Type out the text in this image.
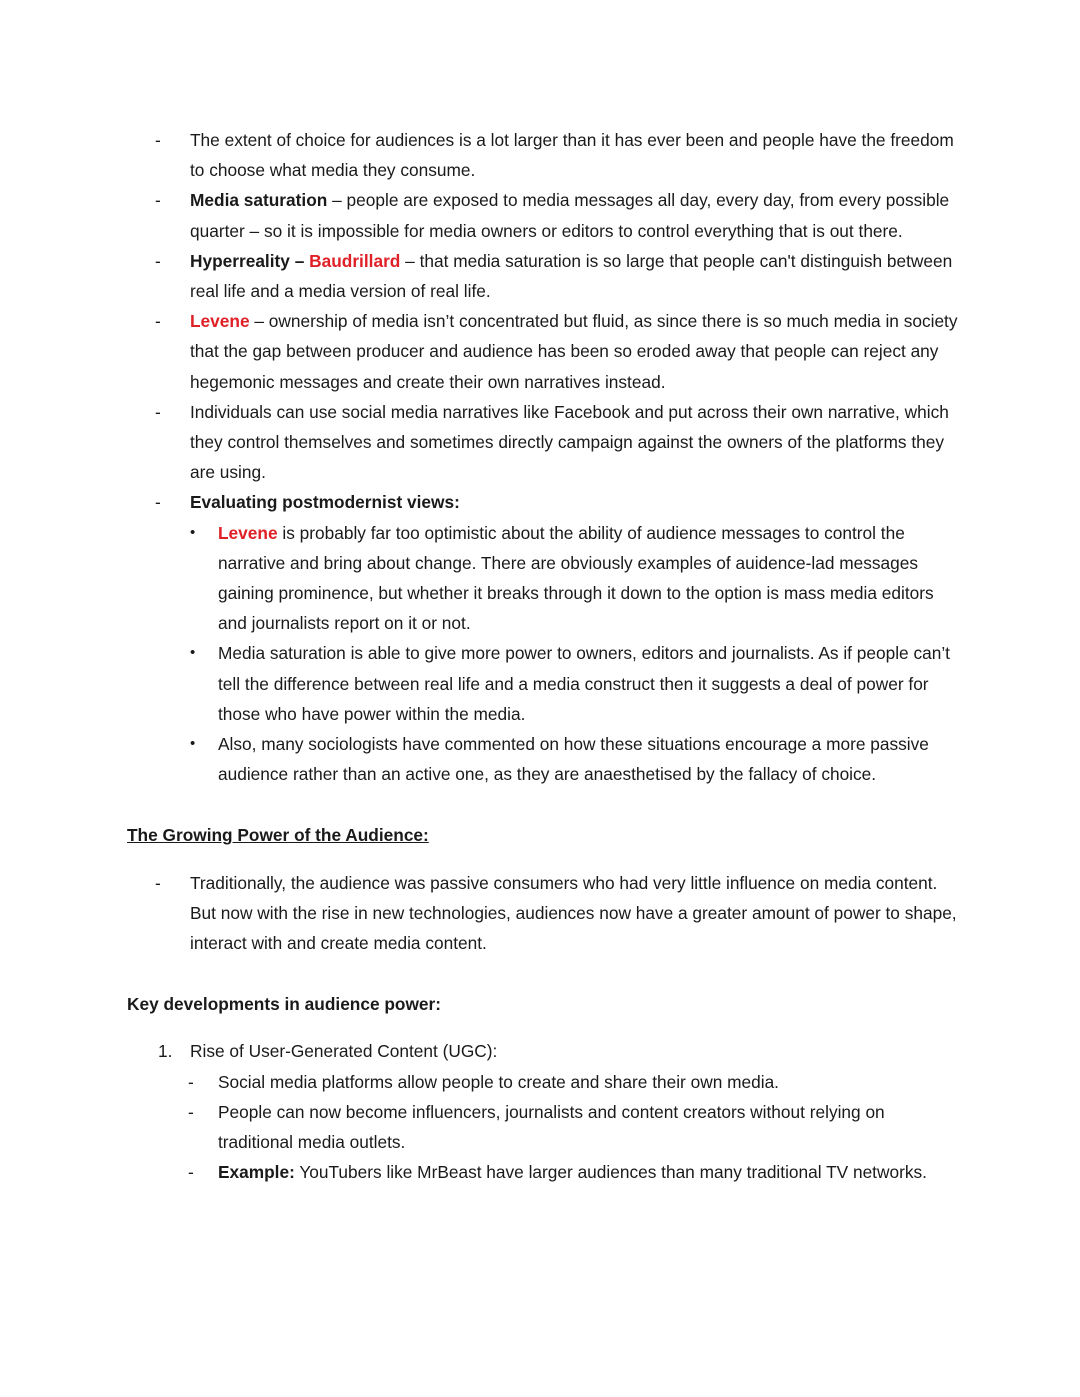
-	The extent of choice for audiences is a lot larger than it has ever been and people have the freedom to choose what media they consume.
-	Media saturation – people are exposed to media messages all day, every day, from every possible quarter – so it is impossible for media owners or editors to control everything that is out there.
-	Hyperreality – Baudrillard – that media saturation is so large that people can't distinguish between real life and a media version of real life.
-	Levene – ownership of media isn’t concentrated but fluid, as since there is so much media in society that the gap between producer and audience has been so eroded away that people can reject any hegemonic messages and create their own narratives instead.
-	Individuals can use social media narratives like Facebook and put across their own narrative, which they control themselves and sometimes directly campaign against the owners of the platforms they are using.
-	Evaluating postmodernist views:
•	Levene is probably far too optimistic about the ability of audience messages to control the narrative and bring about change. There are obviously examples of auidence-lad messages gaining prominence, but whether it breaks through it down to the option is mass media editors and journalists report on it or not.
•	Media saturation is able to give more power to owners, editors and journalists. As if people can’t tell the difference between real life and a media construct then it suggests a deal of power for those who have power within the media.
•	Also, many sociologists have commented on how these situations encourage a more passive audience rather than an active one, as they are anaesthetised by the fallacy of choice.
The Growing Power of the Audience:
-	Traditionally, the audience was passive consumers who had very little influence on media content. But now with the rise in new technologies, audiences now have a greater amount of power to shape, interact with and create media content.
Key developments in audience power:
1.	Rise of User-Generated Content (UGC):
-	Social media platforms allow people to create and share their own media.
-	People can now become influencers, journalists and content creators without relying on traditional media outlets.
-	Example: YouTubers like MrBeast have larger audiences than many traditional TV networks.
